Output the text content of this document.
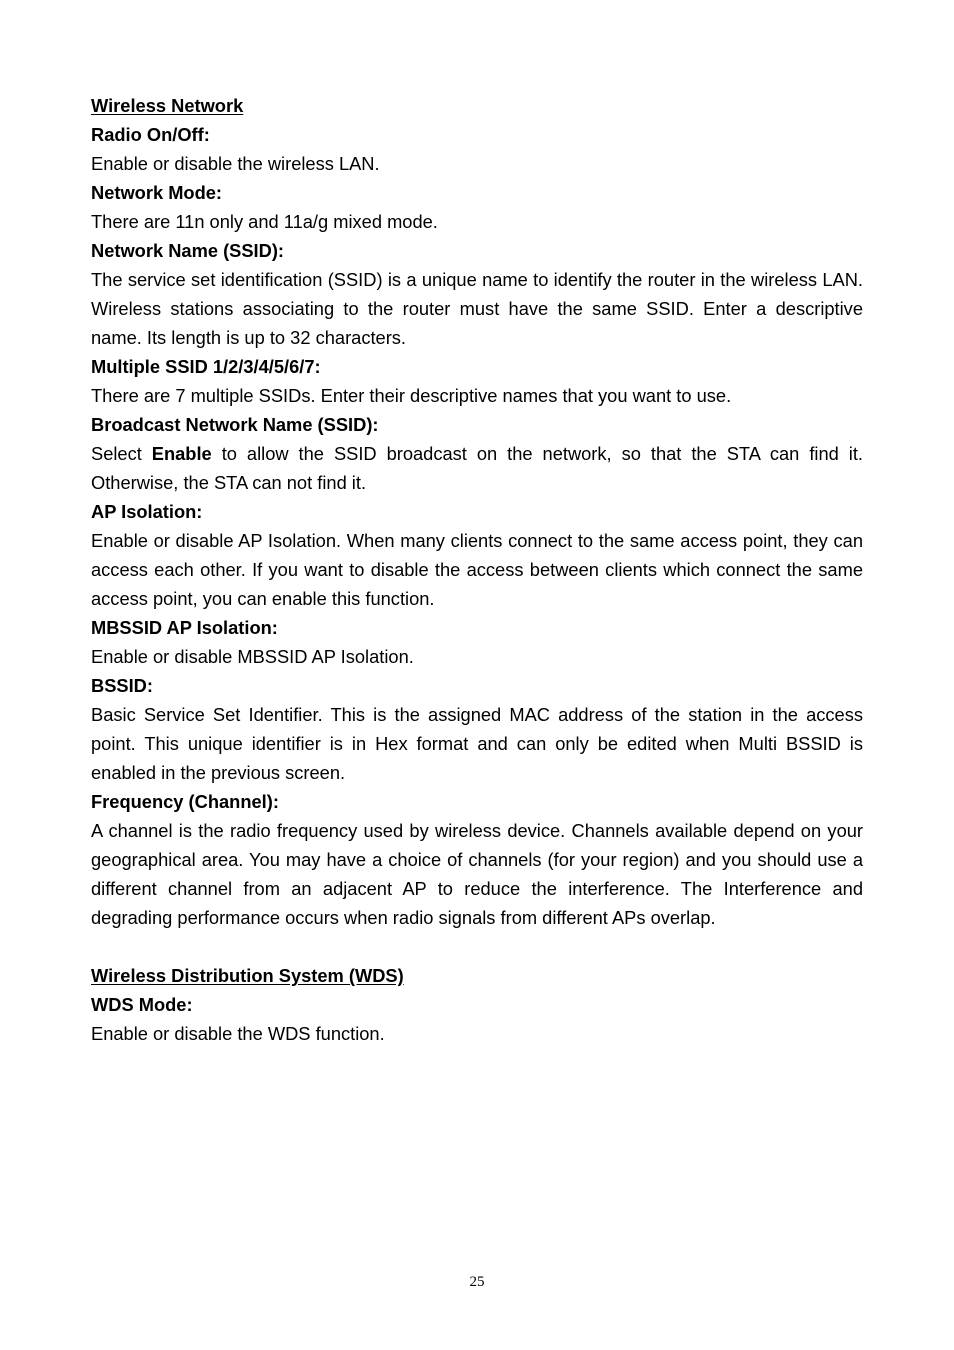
Wireless Network

Radio On/Off:

Enable or disable the wireless LAN.

Network Mode:

There are 11n only and 11a/g mixed mode.

Network Name (SSID):

The service set identification (SSID) is a unique name to identify the router in the wireless LAN. Wireless stations associating to the router must have the same SSID. Enter a descriptive name. Its length is up to 32 characters.

Multiple SSID 1/2/3/4/5/6/7:

There are 7 multiple SSIDs. Enter their descriptive names that you want to use.

Broadcast Network Name (SSID):

Select Enable to allow the SSID broadcast on the network, so that the STA can find it. Otherwise, the STA can not find it.

AP Isolation:

Enable or disable AP Isolation. When many clients connect to the same access point, they can access each other. If you want to disable the access between clients which connect the same access point, you can enable this function.

MBSSID AP Isolation:

Enable or disable MBSSID AP Isolation.

BSSID:

Basic Service Set Identifier. This is the assigned MAC address of the station in the access point. This unique identifier is in Hex format and can only be edited when Multi BSSID is enabled in the previous screen.

Frequency (Channel):

A channel is the radio frequency used by wireless device. Channels available depend on your geographical area. You may have a choice of channels (for your region) and you should use a different channel from an adjacent AP to reduce the interference. The Interference and degrading performance occurs when radio signals from different APs overlap.

Wireless Distribution System (WDS)

WDS Mode:

Enable or disable the WDS function.

25
